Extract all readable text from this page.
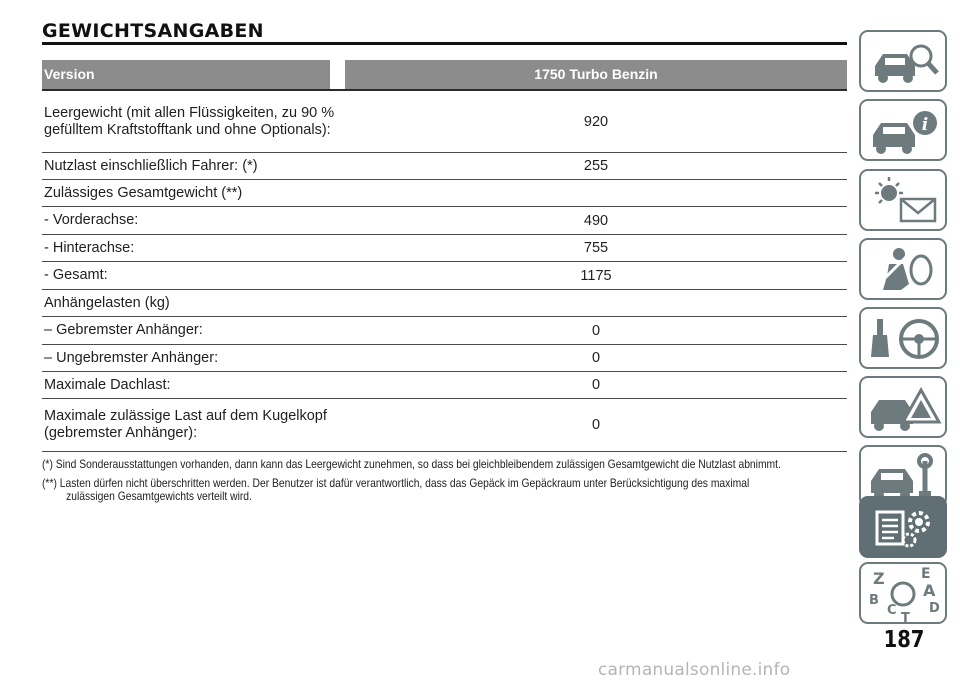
GEWICHTSANGABEN
Version	1750 Turbo Benzin
Leergewicht (mit allen Flüssigkeiten, zu 90 % gefülltem Kraftstofftank und ohne Optionals):	920
Nutzlast einschließlich Fahrer: (*)	255
Zulässiges Gesamtgewicht (**)
- Vorderachse:	490
- Hinterachse:	755
- Gesamt:	1175
Anhängelasten (kg)
– Gebremster Anhänger:	0
– Ungebremster Anhänger:	0
Maximale Dachlast:	0
Maximale zulässige Last auf dem Kugelkopf (gebremster Anhänger):	0
(*) Sind Sonderausstattungen vorhanden, dann kann das Leergewicht zunehmen, so dass bei gleichbleibendem zulässigen Gesamtgewicht die Nutzlast abnimmt.
(**) Lasten dürfen nicht überschritten werden. Der Benutzer ist dafür verantwortlich, dass das Gepäck im Gepäckraum unter Berücksichtigung des maximal
zulässigen Gesamtgewichts verteilt wird.
i
Z	E
B
A
C D
T
187
carmanualsonline.info
